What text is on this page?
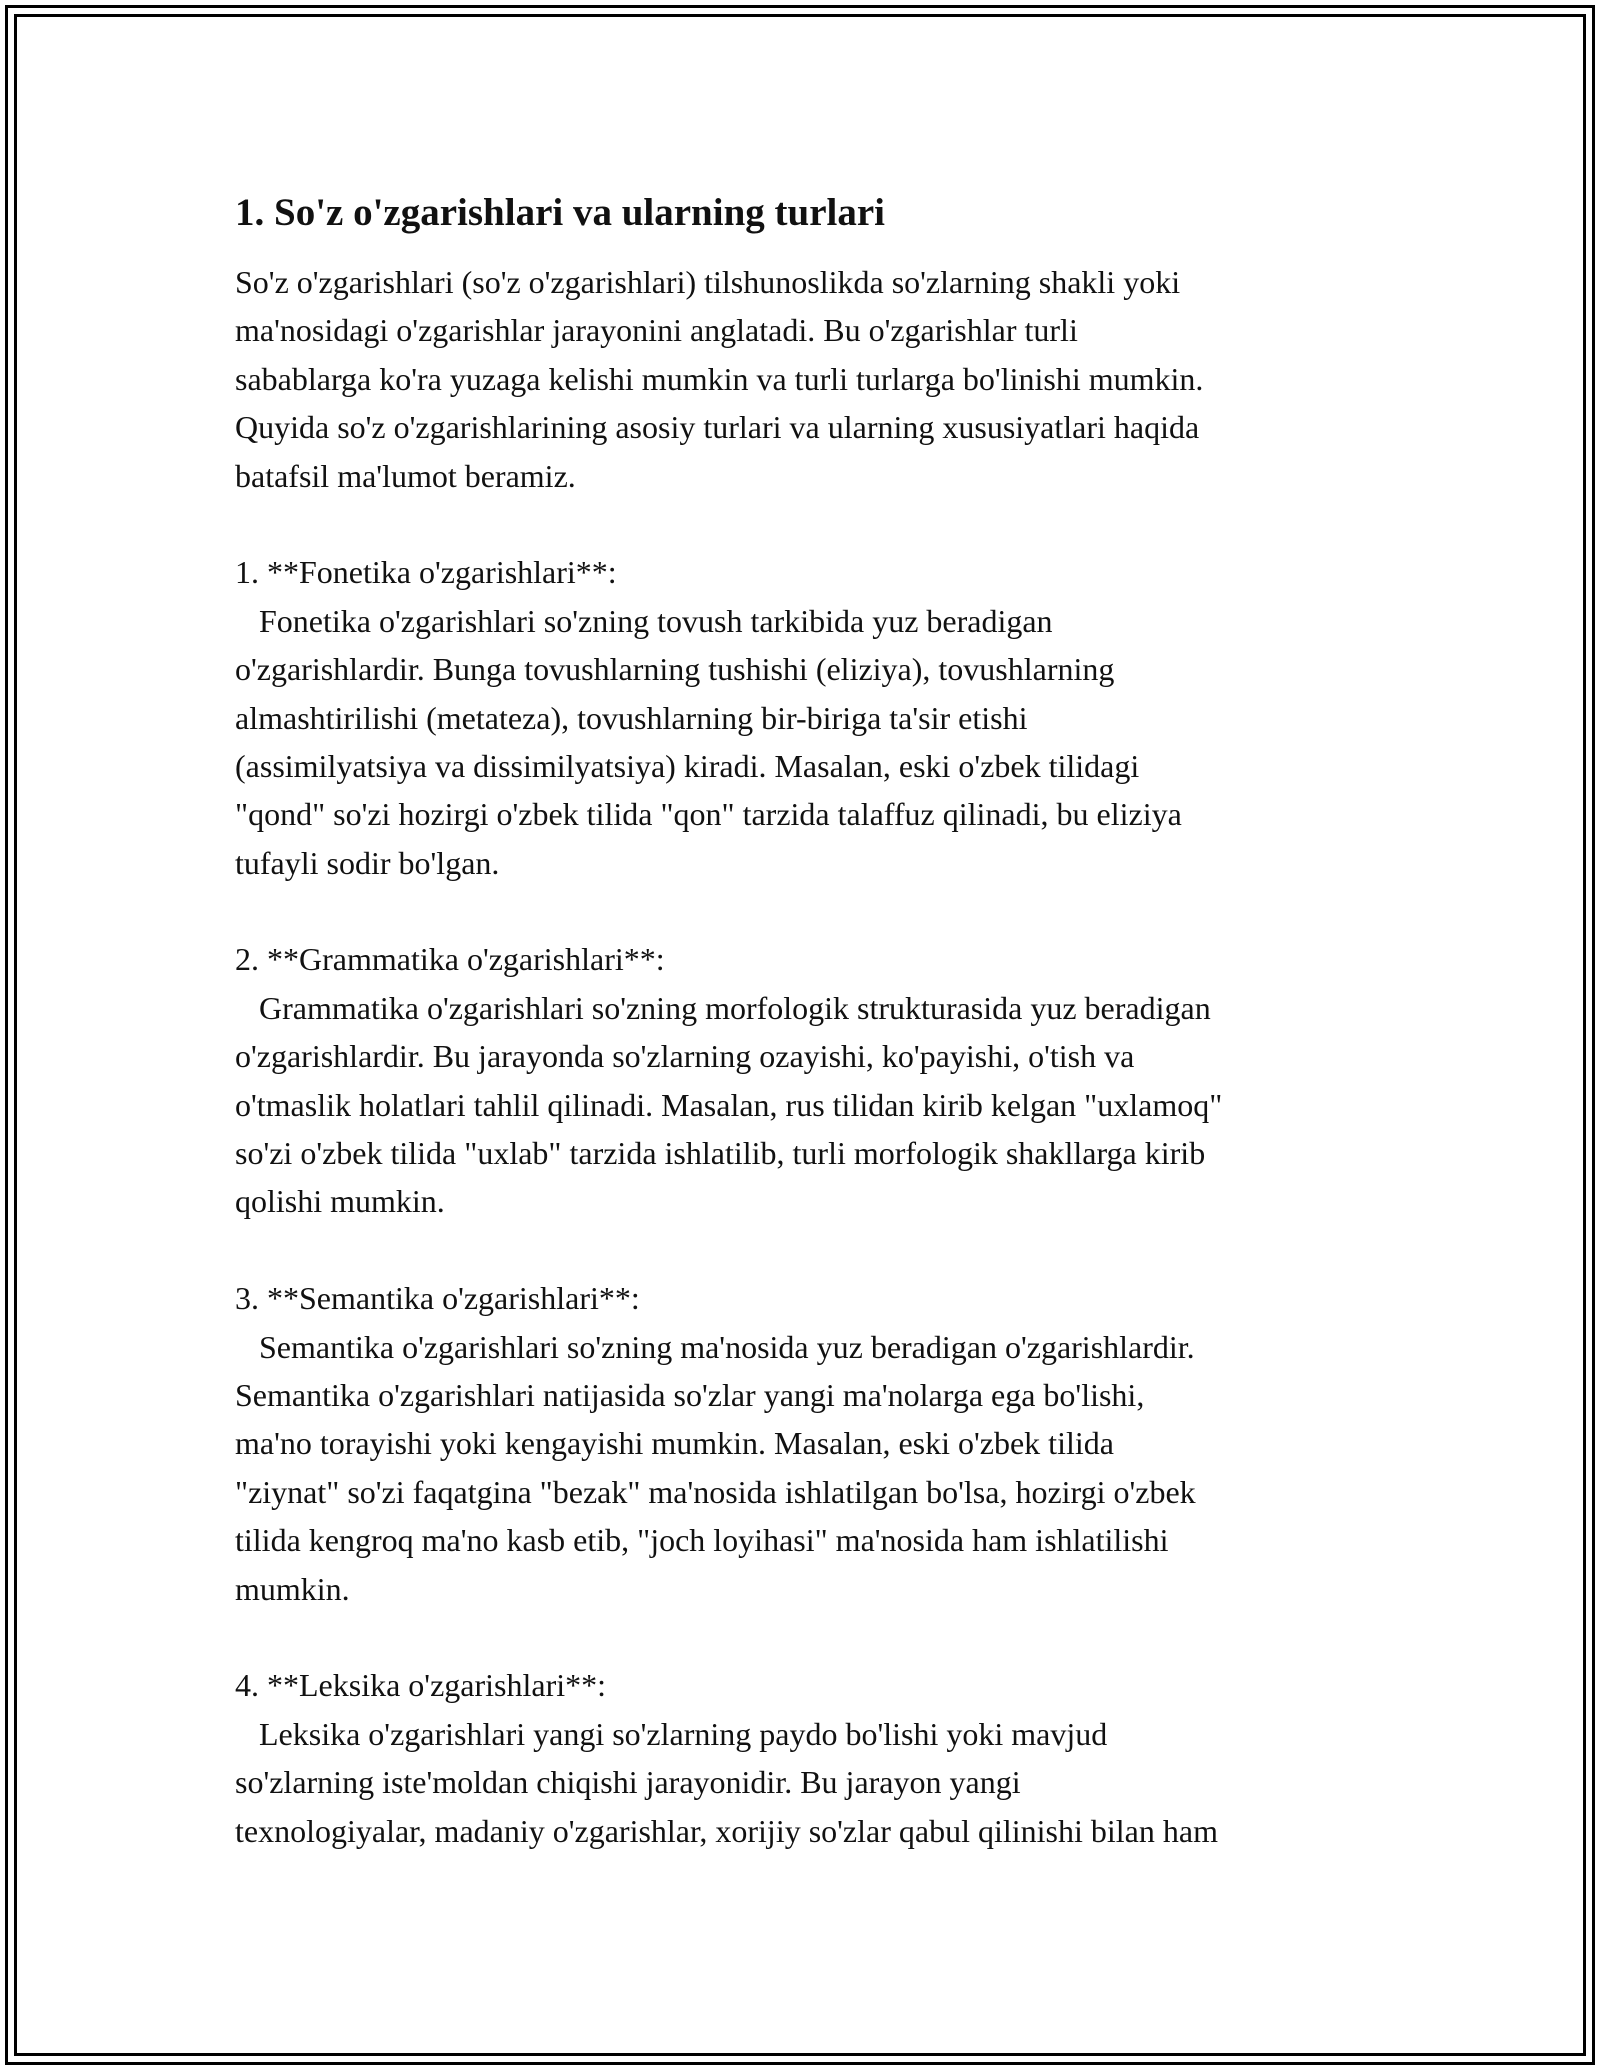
1. So'z o'zgarishlari va ularning turlari
So'z o'zgarishlari (so'z o'zgarishlari) tilshunoslikda so'zlarning shakli yoki
ma'nosidagi o'zgarishlar jarayonini anglatadi. Bu o'zgarishlar turli
sabablarga ko'ra yuzaga kelishi mumkin va turli turlarga bo'linishi mumkin.
Quyida so'z o'zgarishlarining asosiy turlari va ularning xususiyatlari haqida
batafsil ma'lumot beramiz.
1. **Fonetika o'zgarishlari**:
Fonetika o'zgarishlari so'zning tovush tarkibida yuz beradigan
o'zgarishlardir. Bunga tovushlarning tushishi (eliziya), tovushlarning
almashtirilishi (metateza), tovushlarning bir-biriga ta'sir etishi
(assimilyatsiya va dissimilyatsiya) kiradi. Masalan, eski o'zbek tilidagi
"qond" so'zi hozirgi o'zbek tilida "qon" tarzida talaffuz qilinadi, bu eliziya
tufayli sodir bo'lgan.
2. **Grammatika o'zgarishlari**:
Grammatika o'zgarishlari so'zning morfologik strukturasida yuz beradigan
o'zgarishlardir. Bu jarayonda so'zlarning ozayishi, ko'payishi, o'tish va
o'tmaslik holatlari tahlil qilinadi. Masalan, rus tilidan kirib kelgan "uxlamoq"
so'zi o'zbek tilida "uxlab" tarzida ishlatilib, turli morfologik shakllarga kirib
qolishi mumkin.
3. **Semantika o'zgarishlari**:
Semantika o'zgarishlari so'zning ma'nosida yuz beradigan o'zgarishlardir.
Semantika o'zgarishlari natijasida so'zlar yangi ma'nolarga ega bo'lishi,
ma'no torayishi yoki kengayishi mumkin. Masalan, eski o'zbek tilida
"ziynat" so'zi faqatgina "bezak" ma'nosida ishlatilgan bo'lsa, hozirgi o'zbek
tilida kengroq ma'no kasb etib, "joch loyihasi" ma'nosida ham ishlatilishi
mumkin.
4. **Leksika o'zgarishlari**:
Leksika o'zgarishlari yangi so'zlarning paydo bo'lishi yoki mavjud
so'zlarning iste'moldan chiqishi jarayonidir. Bu jarayon yangi
texnologiyalar, madaniy o'zgarishlar, xorijiy so'zlar qabul qilinishi bilan ham
